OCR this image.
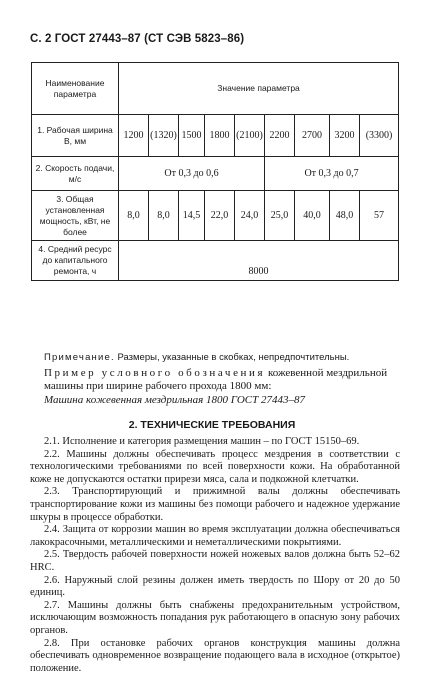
С. 2 ГОСТ 27443–87 (СТ СЭВ 5823–86)
Наименование параметра	Значение параметра								
1. Рабочая ширина В, мм	1200	(1320)	1500	1800	(2100)	2200	2700	3200	(3300)
2. Скорость подачи, м/с	От 0,3 до 0,6					От 0,3 до 0,7			
3. Общая установленная мощность, кВт, не более	8,0	8,0	14,5	22,0	24,0	25,0	40,0	48,0	57
4. Средний ресурс до капитального ремонта, ч	8000								
Примечание. Размеры, указанные в скобках, непредпочтительны.
Пример условного обозначения кожевенной мездрильной машины при ширине рабочего прохода 1800 мм:
Машина кожевенная мездрильная 1800 ГОСТ 27443–87
2. ТЕХНИЧЕСКИЕ ТРЕБОВАНИЯ

2.1. Исполнение и категория размещения машин – по ГОСТ 15150–69.

2.2. Машины должны обеспечивать процесс мездрения в соответствии с технологическими требованиями по всей поверхности кожи. На обработанной коже не допускаются остатки прирези мяса, сала и подкожной клетчатки.

2.3. Транспортирующий и прижимной валы должны обеспечивать транспортирование кожи из машины без помощи рабочего и надежное удержание шкуры в процессе обработки.

2.4. Защита от коррозии машин во время эксплуатации должна обеспечиваться лакокрасочными, металлическими и неметаллическими покрытиями.

2.5. Твердость рабочей поверхности ножей ножевых валов должна быть 52–62 HRC.

2.6. Наружный слой резины должен иметь твердость по Шору от 20 до 50 единиц.

2.7. Машины должны быть снабжены предохранительным устройством, исключающим возможность попадания рук работающего в опасную зону рабочих органов.

2.8. При остановке рабочих органов конструкция машины должна обеспечивать одновременное возвращение подающего вала в исходное (открытое) положение.
